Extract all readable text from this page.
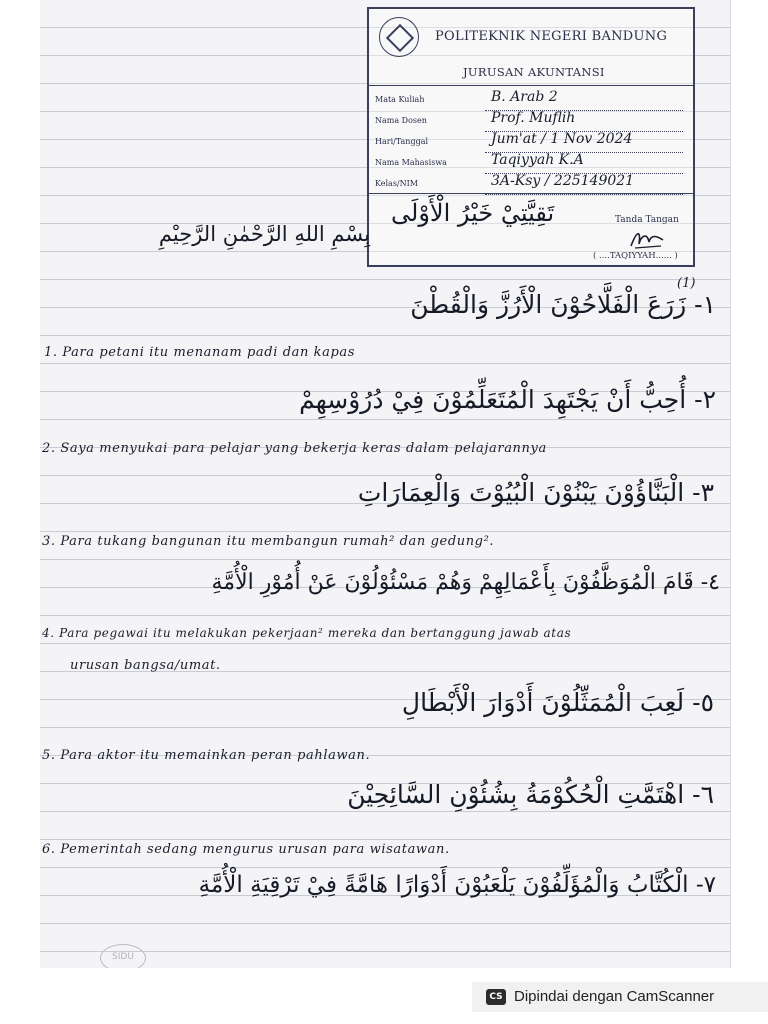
POLITEKNIK NEGERI BANDUNG
JURUSAN AKUNTANSI
Mata Kuliah	B. Arab 2
Nama Dosen	Prof. Muflih
Hari/Tanggal	Jum'at / 1 Nov 2024
Nama Mahasiswa	Taqiyyah K.A
Kelas/NIM	3A-Ksy / 225149021
تَقِيَّتِيْ خَيْرُ الْأَوْلَى	Tanda Tangan
( ....TAQIYYAH...... )
بِسْمِ اللهِ الرَّحْمٰنِ الرَّحِيْمِ
(1)
١- زَرَعَ الْفَلَّاحُوْنَ الْأَرُزَّ وَالْقُطْنَ
1. Para petani itu menanam padi dan kapas
٢- أُحِبُّ أَنْ يَجْتَهِدَ الْمُتَعَلِّمُوْنَ فِيْ دُرُوْسِهِمْ
2. Saya menyukai para pelajar yang bekerja keras dalam pelajarannya
٣- الْبَنَّاؤُوْنَ يَبْنُوْنَ الْبُيُوْتَ وَالْعِمَارَاتِ
3. Para tukang bangunan itu membangun rumah² dan gedung².
٤- قَامَ الْمُوَظَّفُوْنَ بِأَعْمَالِهِمْ وَهُمْ مَسْئُوْلُوْنَ عَنْ أُمُوْرِ الْأُمَّةِ
4. Para pegawai itu melakukan pekerjaan² mereka dan bertanggung jawab atas
urusan bangsa/umat.
٥- لَعِبَ الْمُمَثِّلُوْنَ أَدْوَارَ الْأَبْطَالِ
5. Para aktor itu memainkan peran pahlawan.
٦- اهْتَمَّتِ الْحُكُوْمَةُ بِشُئُوْنِ السَّائِحِيْنَ
6. Pemerintah sedang mengurus urusan para wisatawan.
٧- الْكُتَّابُ وَالْمُؤَلِّفُوْنَ يَلْعَبُوْنَ أَدْوَارًا هَامَّةً فِيْ تَرْقِيَةِ الْأُمَّةِ
SIDU
CS Dipindai dengan CamScanner
